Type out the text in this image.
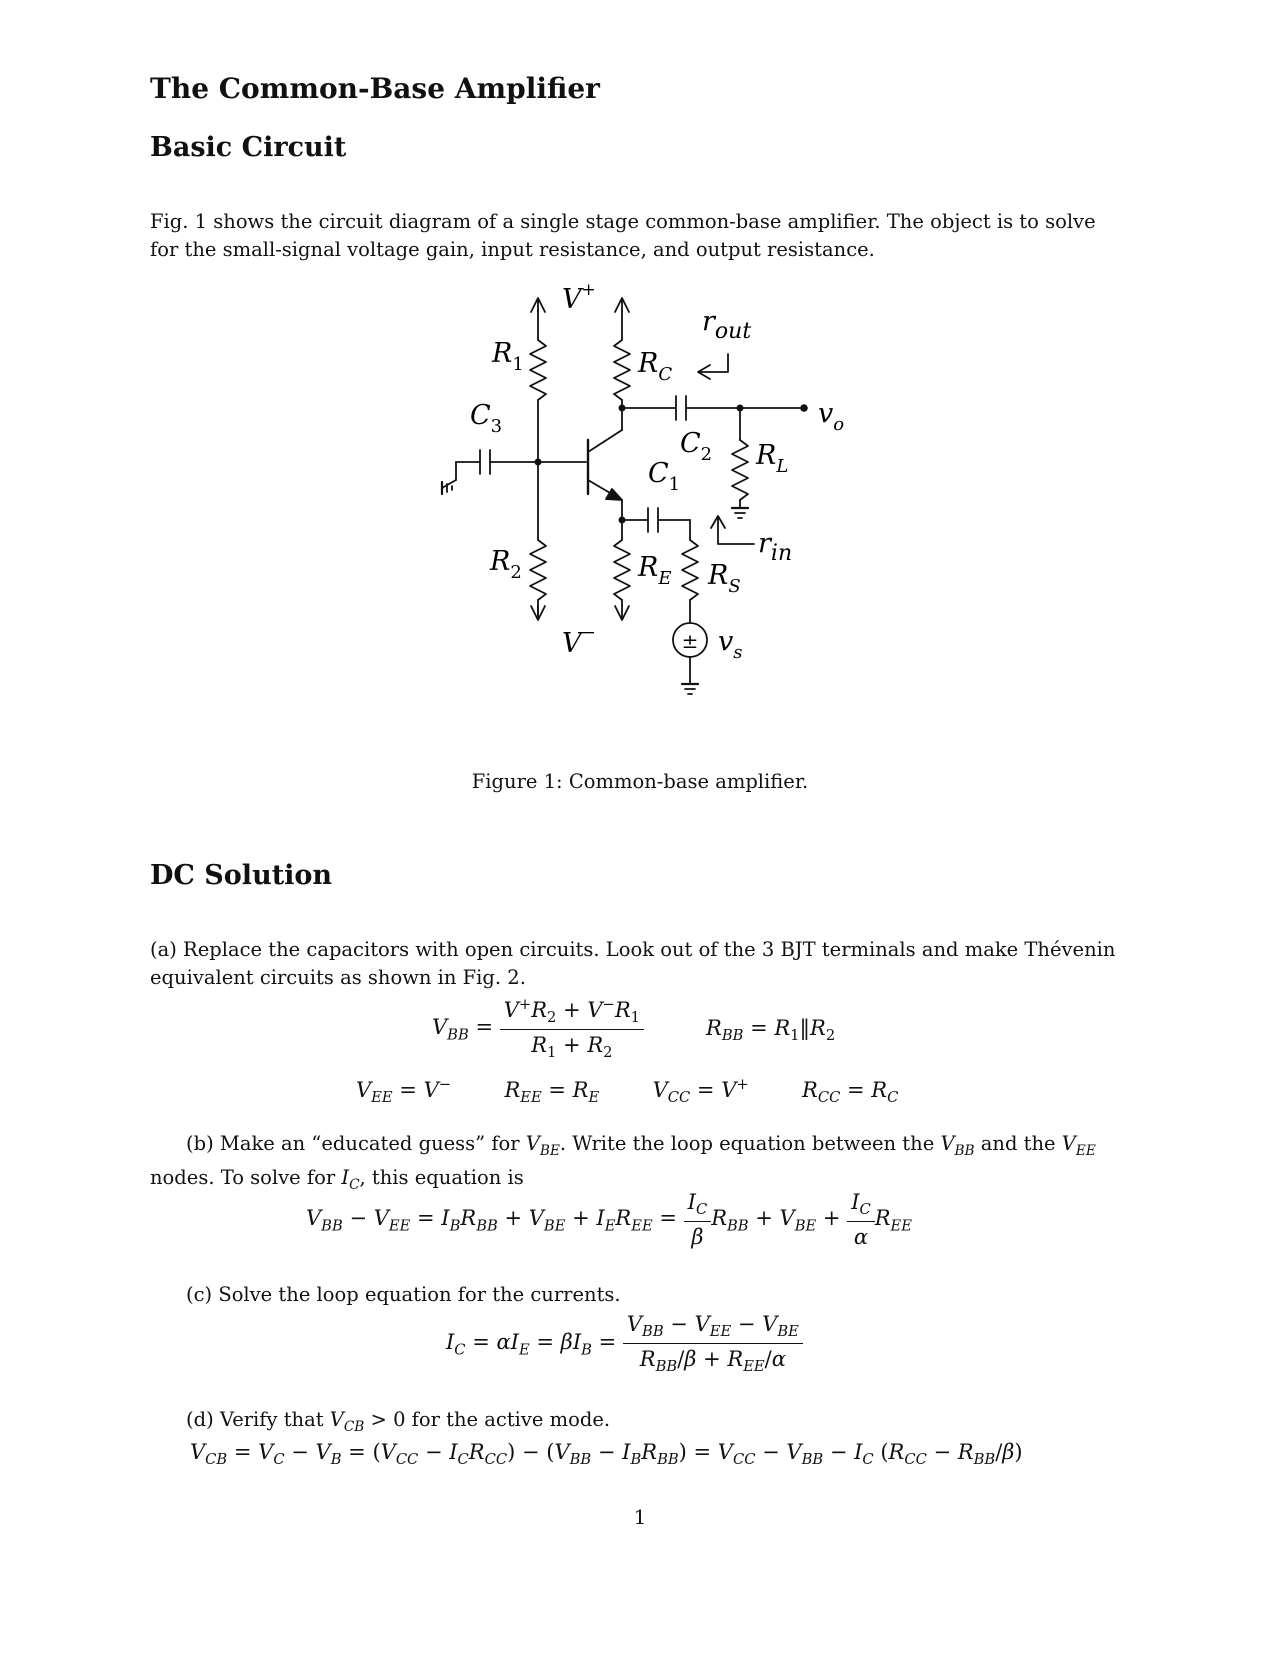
The Common-Base Amplifier
Basic Circuit

Fig. 1 shows the circuit diagram of a single stage common-base amplifier. The object is to solve for the small-signal voltage gain, input resistance, and output resistance.

V+
V−
$R_1$
$R_2$
$C_3$
$R_C$
$R_E$
$C_1$
$C_2$ $R_L$
$R_S$
$r_{out}$
$r_{in}$
$v_o$
$v_s$
±
Figure 1: Common-base amplifier.
DC Solution

(a) Replace the capacitors with open circuits. Look out of the 3 BJT terminals and make Thévenin equivalent circuits as shown in Fig. 2.

$V_{BB} = \frac{V^+R_2 + V^-R_1}{R_1 + R_2}$	$R_{BB}$ = $R_1‖R_2$
$V_{EE} = V^-$	$R_{EE} = R_E$	$V_{CC} = V^+$	$R_{CC} = R_C$

(b) Make an “educated guess” for $V_{BE}$. Write the loop equation between the $V_{BB}$ and the $V_{EE}$ nodes. To solve for $I_C$, this equation is

$V_{BB} - V_{EE} = I_BR_{BB} + V_{BE} + I_ER_{EE} = \frac{I_C}{\beta} R_{BB} + V_{BE} + \frac{I_C}{\alpha} R_{EE}$

(c) Solve the loop equation for the currents.

$I_C = \alpha I_E = \beta I_B = \frac{V_{BB} - V_{EE} - V_{BE}}{R_{BB}/\beta + R_{EE}/\alpha}$

(d) Verify that $V_{CB} > 0$ for the active mode.

$V_{CB} = V_C - V_B = (V_{CC} - I_CR_{CC}) - (V_{BB} - I_BR_{BB}) = V_{CC} - V_{BB} - I_C$ $(R_{CC} - R_{BB}/\beta)$
1
